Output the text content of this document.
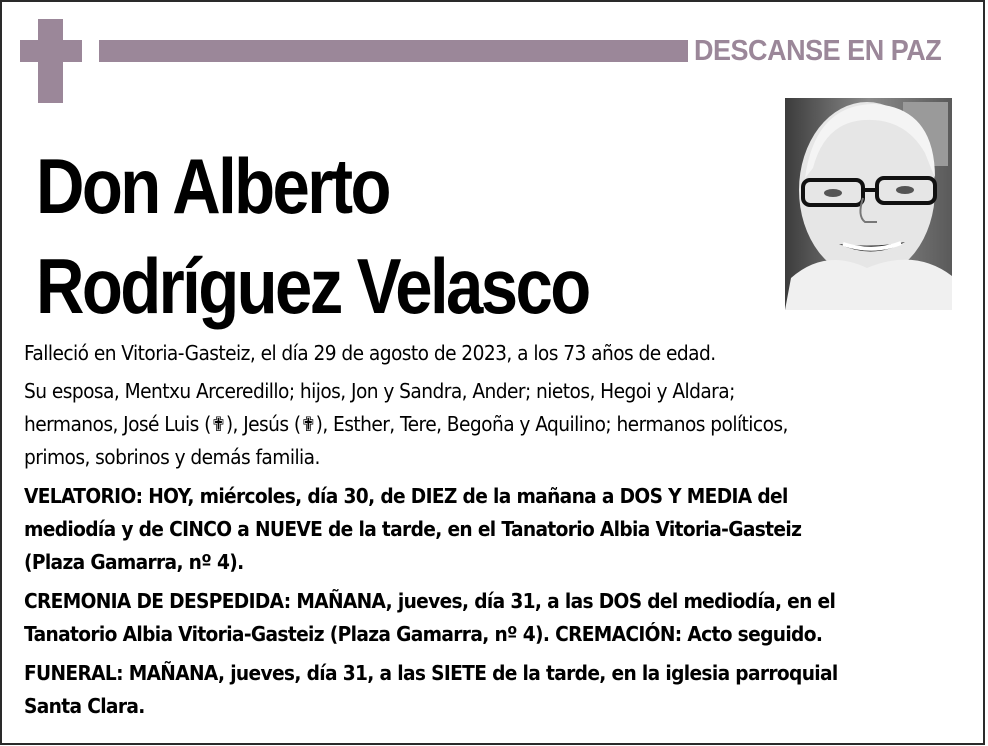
DESCANSE EN PAZ
Don Alberto
Rodríguez Velasco
Falleció en Vitoria-Gasteiz, el día 29 de agosto de 2023, a los 73 años de edad.
Su esposa, Mentxu Arceredillo; hijos, Jon y Sandra, Ander; nietos, Hegoi y Aldara;
hermanos, José Luis (✟), Jesús (✟), Esther, Tere, Begoña y Aquilino; hermanos políticos,
primos, sobrinos y demás familia.
VELATORIO: HOY, miércoles, día 30, de DIEZ de la mañana a DOS Y MEDIA del
mediodía y de CINCO a NUEVE de la tarde, en el Tanatorio Albia Vitoria-Gasteiz
(Plaza Gamarra, nº 4).
CREMONIA DE DESPEDIDA: MAÑANA, jueves, día 31, a las DOS del mediodía, en el
Tanatorio Albia Vitoria-Gasteiz (Plaza Gamarra, nº 4). CREMACIÓN: Acto seguido.
FUNERAL: MAÑANA, jueves, día 31, a las SIETE de la tarde, en la iglesia parroquial
Santa Clara.
